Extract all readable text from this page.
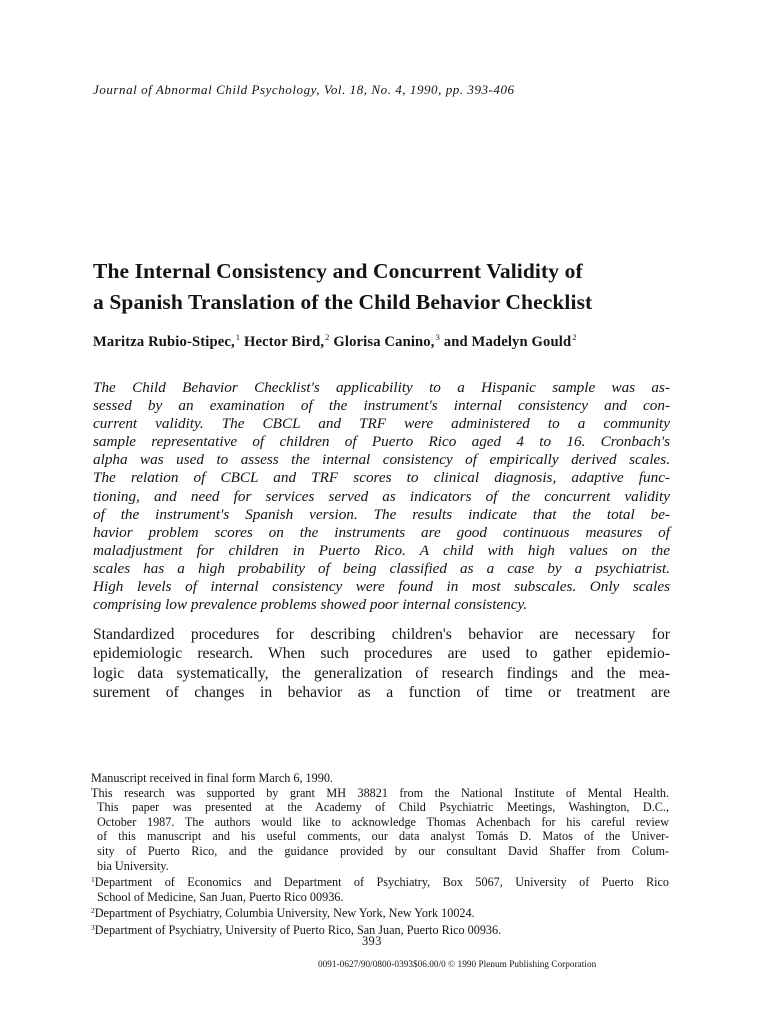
Journal of Abnormal Child Psychology, Vol. 18, No. 4, 1990, pp. 393-406
The Internal Consistency and Concurrent Validity of
a Spanish Translation of the Child Behavior Checklist
Maritza Rubio-Stipec,$^1$ Hector Bird,$^2$ Glorisa Canino,$^3$ and Madelyn Gould$^2$
The Child Behavior Checklist's applicability to a Hispanic sample was as-
sessed by an examination of the instrument's internal consistency and con-
current validity. The CBCL and TRF were administered to a community
sample representative of children of Puerto Rico aged 4 to 16. Cronbach's
alpha was used to assess the internal consistency of empirically derived scales.
The relation of CBCL and TRF scores to clinical diagnosis, adaptive func-
tioning, and need for services served as indicators of the concurrent validity
of the instrument's Spanish version. The results indicate that the total be-
havior problem scores on the instruments are good continuous measures of
maladjustment for children in Puerto Rico. A child with high values on the
scales has a high probability of being classified as a case by a psychiatrist.
High levels of internal consistency were found in most subscales. Only scales
comprising low prevalence problems showed poor internal consistency.
Standardized procedures for describing children's behavior are necessary for
epidemiologic research. When such procedures are used to gather epidemio-
logic data systematically, the generalization of research findings and the mea-
surement of changes in behavior as a function of time or treatment are
Manuscript received in final form March 6, 1990.
This research was supported by grant MH 38821 from the National Institute of Mental Health.
This paper was presented at the Academy of Child Psychiatric Meetings, Washington, D.C.,
October 1987. The authors would like to acknowledge Thomas Achenbach for his careful review
of this manuscript and his useful comments, our data analyst Tomás D. Matos of the Univer-
sity of Puerto Rico, and the guidance provided by our consultant David Shaffer from Colum-
bia University.
$^1$Department of Economics and Department of Psychiatry, Box 5067, University of Puerto Rico
School of Medicine, San Juan, Puerto Rico 00936.
$^2$Department of Psychiatry, Columbia University, New York, New York 10024.
$^3$Department of Psychiatry, University of Puerto Rico, San Juan, Puerto Rico 00936.
393
0091-0627/90/0800-0393$06.00/0 © 1990 Plenum Publishing Corporation
